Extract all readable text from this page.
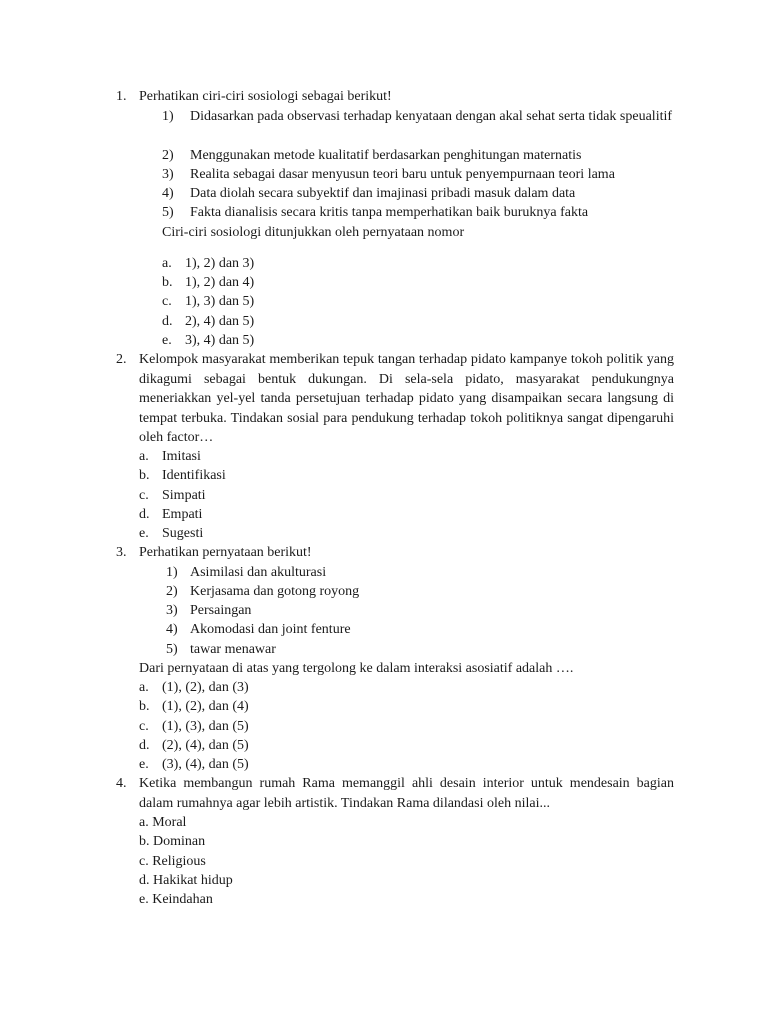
1. Perhatikan ciri-ciri sosiologi sebagai berikut!
1) Didasarkan pada observasi terhadap kenyataan dengan akal sehat serta tidak speualitif
2) Menggunakan metode kualitatif berdasarkan penghitungan maternatis
3) Realita sebagai dasar menyusun teori baru untuk penyempurnaan teori lama
4) Data diolah secara subyektif dan imajinasi pribadi masuk dalam data
5) Fakta dianalisis secara kritis tanpa memperhatikan baik buruknya fakta
Ciri-ciri sosiologi ditunjukkan oleh pernyataan nomor
a. 1), 2) dan 3)
b. 1), 2) dan 4)
c. 1), 3) dan 5)
d. 2), 4) dan 5)
e. 3), 4) dan 5)
2. Kelompok masyarakat memberikan tepuk tangan terhadap pidato kampanye tokoh politik yang dikagumi sebagai bentuk dukungan. Di sela-sela pidato, masyarakat pendukungnya meneriakkan yel-yel tanda persetujuan terhadap pidato yang disampaikan secara langsung di tempat terbuka. Tindakan sosial para pendukung terhadap tokoh politiknya sangat dipengaruhi oleh factor…
a. Imitasi
b. Identifikasi
c. Simpati
d. Empati
e. Sugesti
3. Perhatikan pernyataan berikut!
1) Asimilasi dan akulturasi
2) Kerjasama dan gotong royong
3) Persaingan
4) Akomodasi dan joint fenture
5) tawar menawar
Dari pernyataan di atas yang tergolong ke dalam interaksi asosiatif adalah ….
a. (1), (2), dan (3)
b. (1), (2), dan (4)
c. (1), (3), dan (5)
d. (2), (4), dan (5)
e. (3), (4), dan (5)
4. Ketika membangun rumah Rama memanggil ahli desain interior untuk mendesain bagian dalam rumahnya agar lebih artistik. Tindakan Rama dilandasi oleh nilai...
a. Moral
b. Dominan
c. Religious
d. Hakikat hidup
e. Keindahan
